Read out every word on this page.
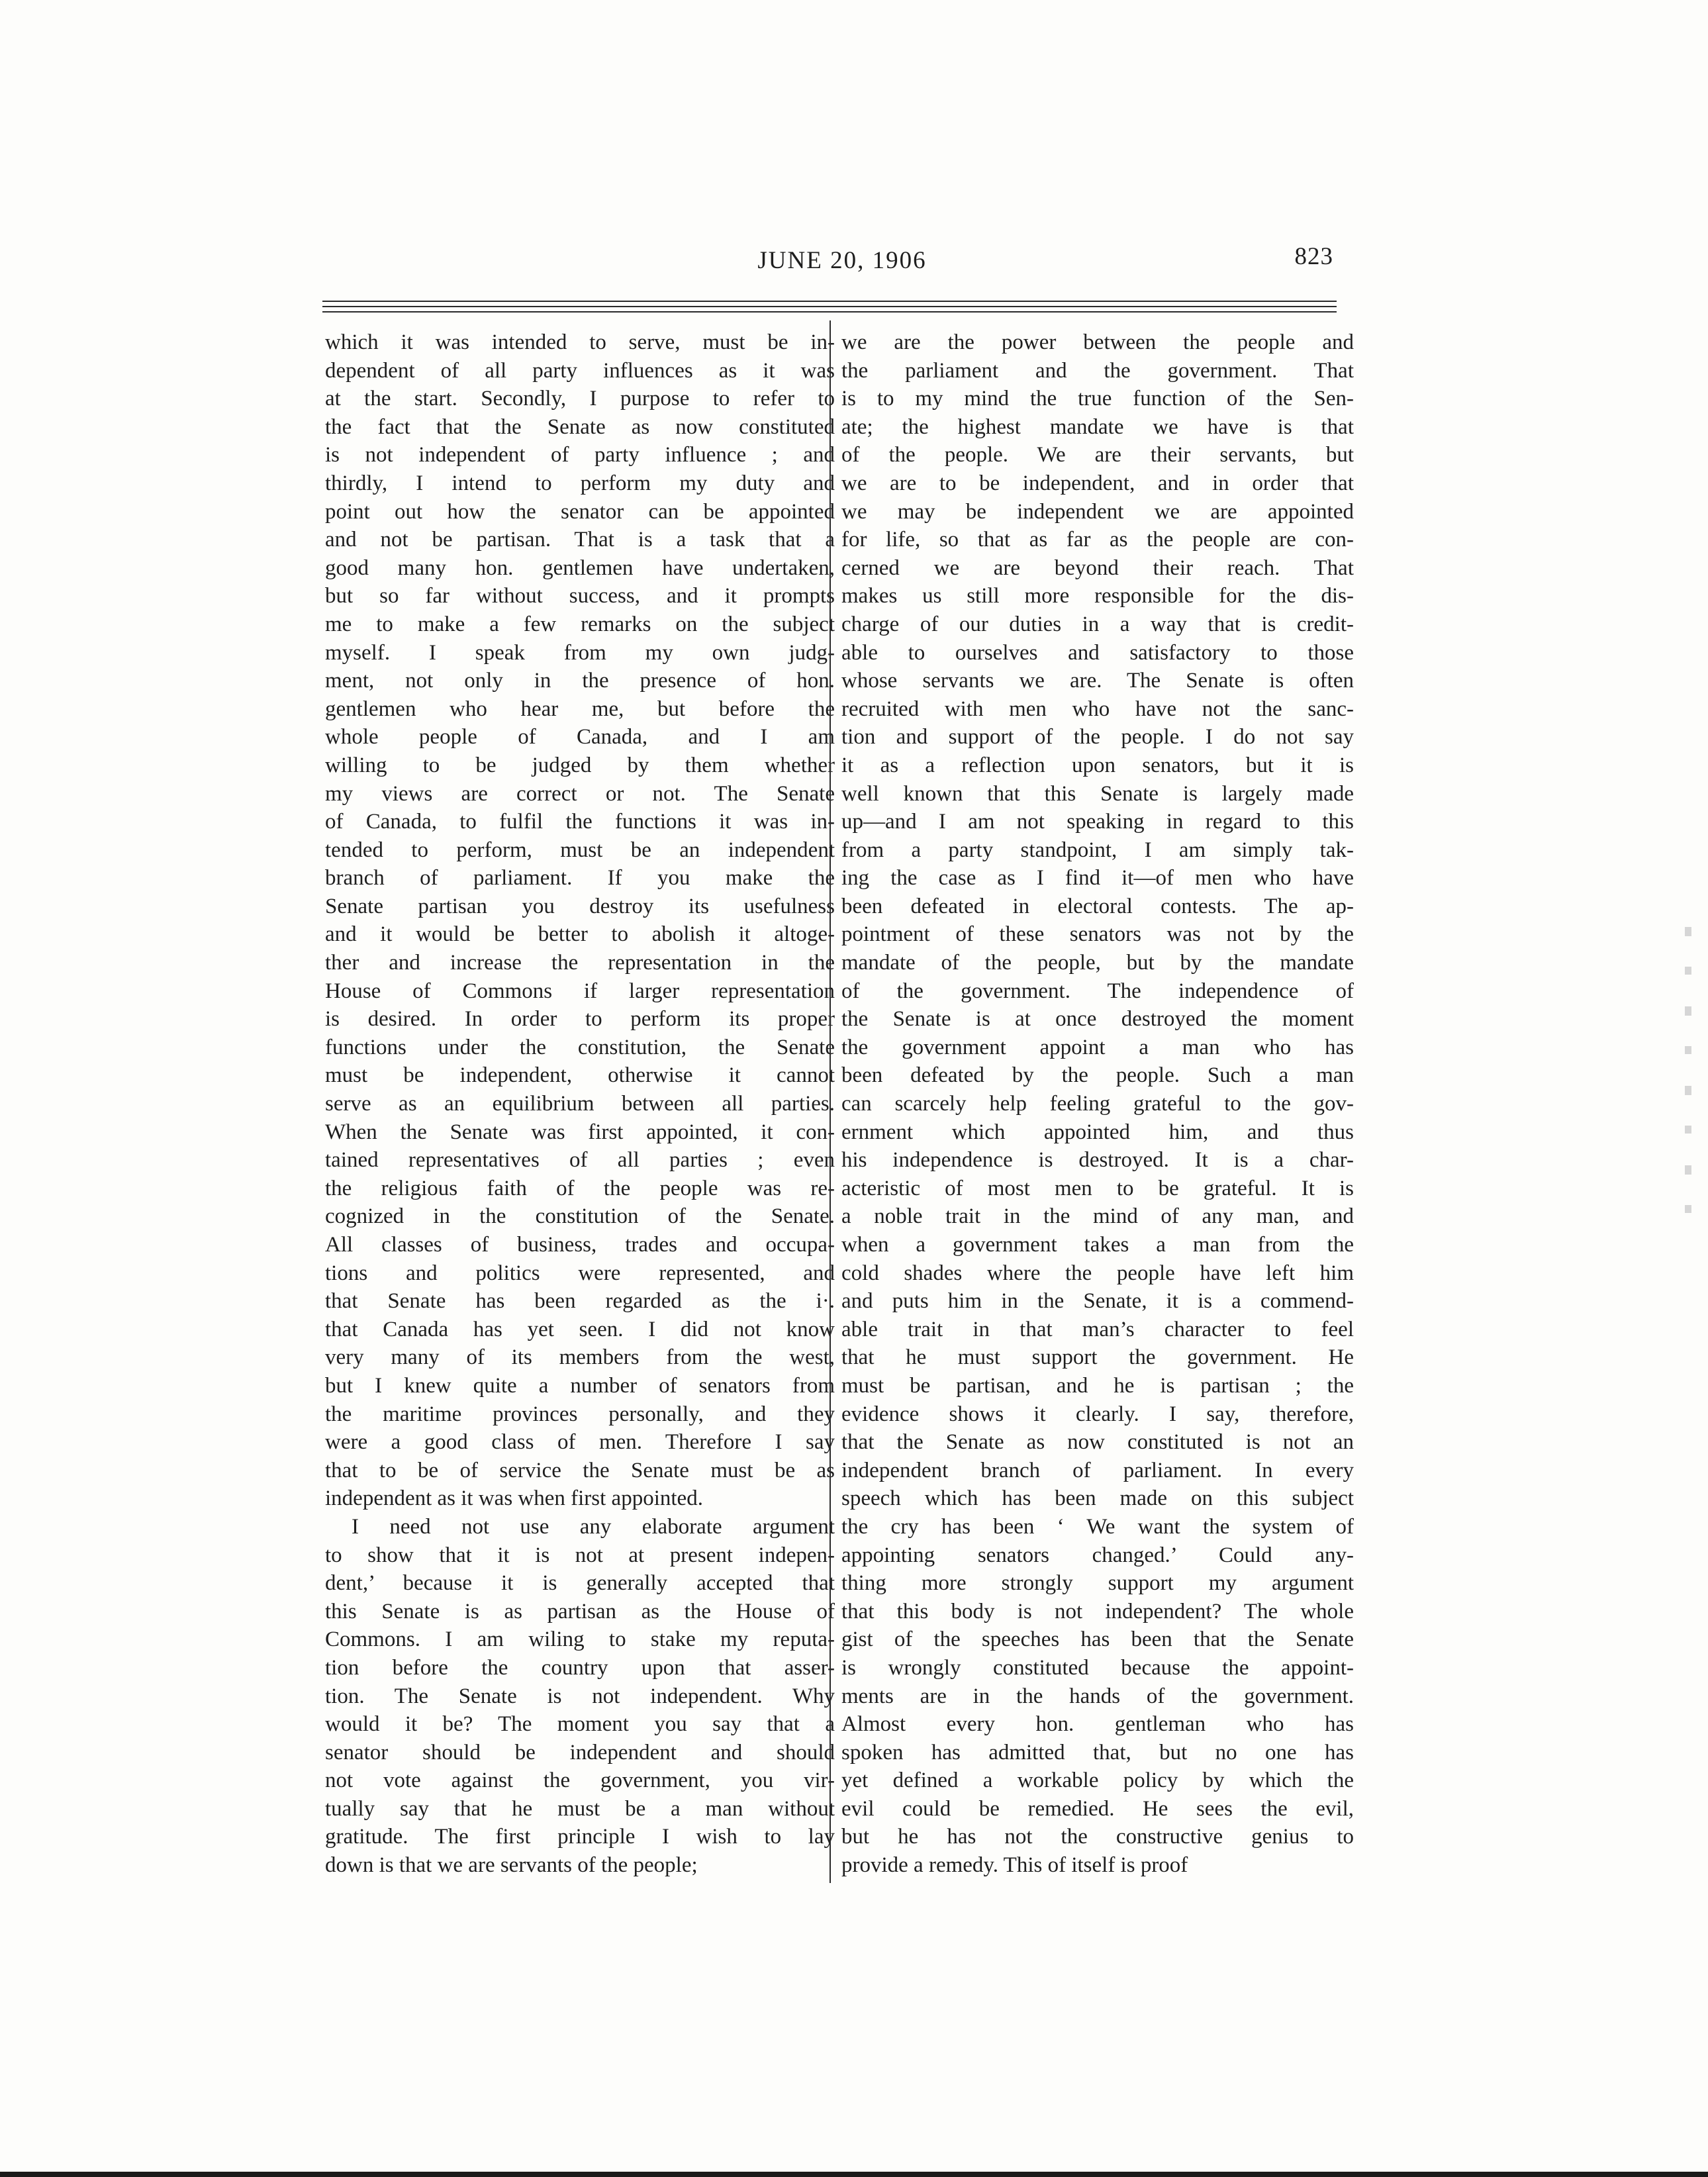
JUNE 20, 1906	823
which it was intended to serve, must be in-
dependent of all party influences as it was
at the start. Secondly, I purpose to refer to
the fact that the Senate as now constituted
is not independent of party influence ; and
thirdly, I intend to perform my duty and
point out how the senator can be appointed
and not be partisan. That is a task that a
good many hon. gentlemen have undertaken,
but so far without success, and it prompts
me to make a few remarks on the subject
myself. I speak from my own judg-
ment, not only in the presence of hon.
gentlemen who hear me, but before the
whole people of Canada, and I am
willing to be judged by them whether
my views are correct or not. The Senate
of Canada, to fulfil the functions it was in-
tended to perform, must be an independent
branch of parliament. If you make the
Senate partisan you destroy its usefulness
and it would be better to abolish it altoge-
ther and increase the representation in the
House of Commons if larger representation
is desired. In order to perform its proper
functions under the constitution, the Senate
must be independent, otherwise it cannot
serve as an equilibrium between all parties.
When the Senate was first appointed, it con-
tained representatives of all parties ; even
the religious faith of the people was re-
cognized in the constitution of the Senate.
All classes of business, trades and occupa-
tions and politics were represented, and
that Senate has been regarded as the i·.
that Canada has yet seen. I did not know
very many of its members from the west,
but I knew quite a number of senators from
the maritime provinces personally, and they
were a good class of men. Therefore I say
that to be of service the Senate must be as
independent as it was when first appointed.
I need not use any elaborate argument
to show that it is not at present indepen-
dent,’ because it is generally accepted that
this Senate is as partisan as the House of
Commons. I am wiling to stake my reputa-
tion before the country upon that asser-
tion. The Senate is not independent. Why
would it be? The moment you say that a
senator should be independent and should
not vote against the government, you vir-
tually say that he must be a man without
gratitude. The first principle I wish to lay
down is that we are servants of the people;
we are the power between the people and
the parliament and the government. That
is to my mind the true function of the Sen-
ate; the highest mandate we have is that
of the people. We are their servants, but
we are to be independent, and in order that
we may be independent we are appointed
for life, so that as far as the people are con-
cerned we are beyond their reach. That
makes us still more responsible for the dis-
charge of our duties in a way that is credit-
able to ourselves and satisfactory to those
whose servants we are. The Senate is often
recruited with men who have not the sanc-
tion and support of the people. I do not say
it as a reflection upon senators, but it is
well known that this Senate is largely made
up—and I am not speaking in regard to this
from a party standpoint, I am simply tak-
ing the case as I find it—of men who have
been defeated in electoral contests. The ap-
pointment of these senators was not by the
mandate of the people, but by the mandate
of the government. The independence of
the Senate is at once destroyed the moment
the government appoint a man who has
been defeated by the people. Such a man
can scarcely help feeling grateful to the gov-
ernment which appointed him, and thus
his independence is destroyed. It is a char-
acteristic of most men to be grateful. It is
a noble trait in the mind of any man, and
when a government takes a man from the
cold shades where the people have left him
and puts him in the Senate, it is a commend-
able trait in that man’s character to feel
that he must support the government. He
must be partisan, and he is partisan ; the
evidence shows it clearly. I say, therefore,
that the Senate as now constituted is not an
independent branch of parliament. In every
speech which has been made on this subject
the cry has been ‘ We want the system of
appointing senators changed.’ Could any-
thing more strongly support my argument
that this body is not independent? The whole
gist of the speeches has been that the Senate
is wrongly constituted because the appoint-
ments are in the hands of the government.
Almost every hon. gentleman who has
spoken has admitted that, but no one has
yet defined a workable policy by which the
evil could be remedied. He sees the evil,
but he has not the constructive genius to
provide a remedy. This of itself is proof
